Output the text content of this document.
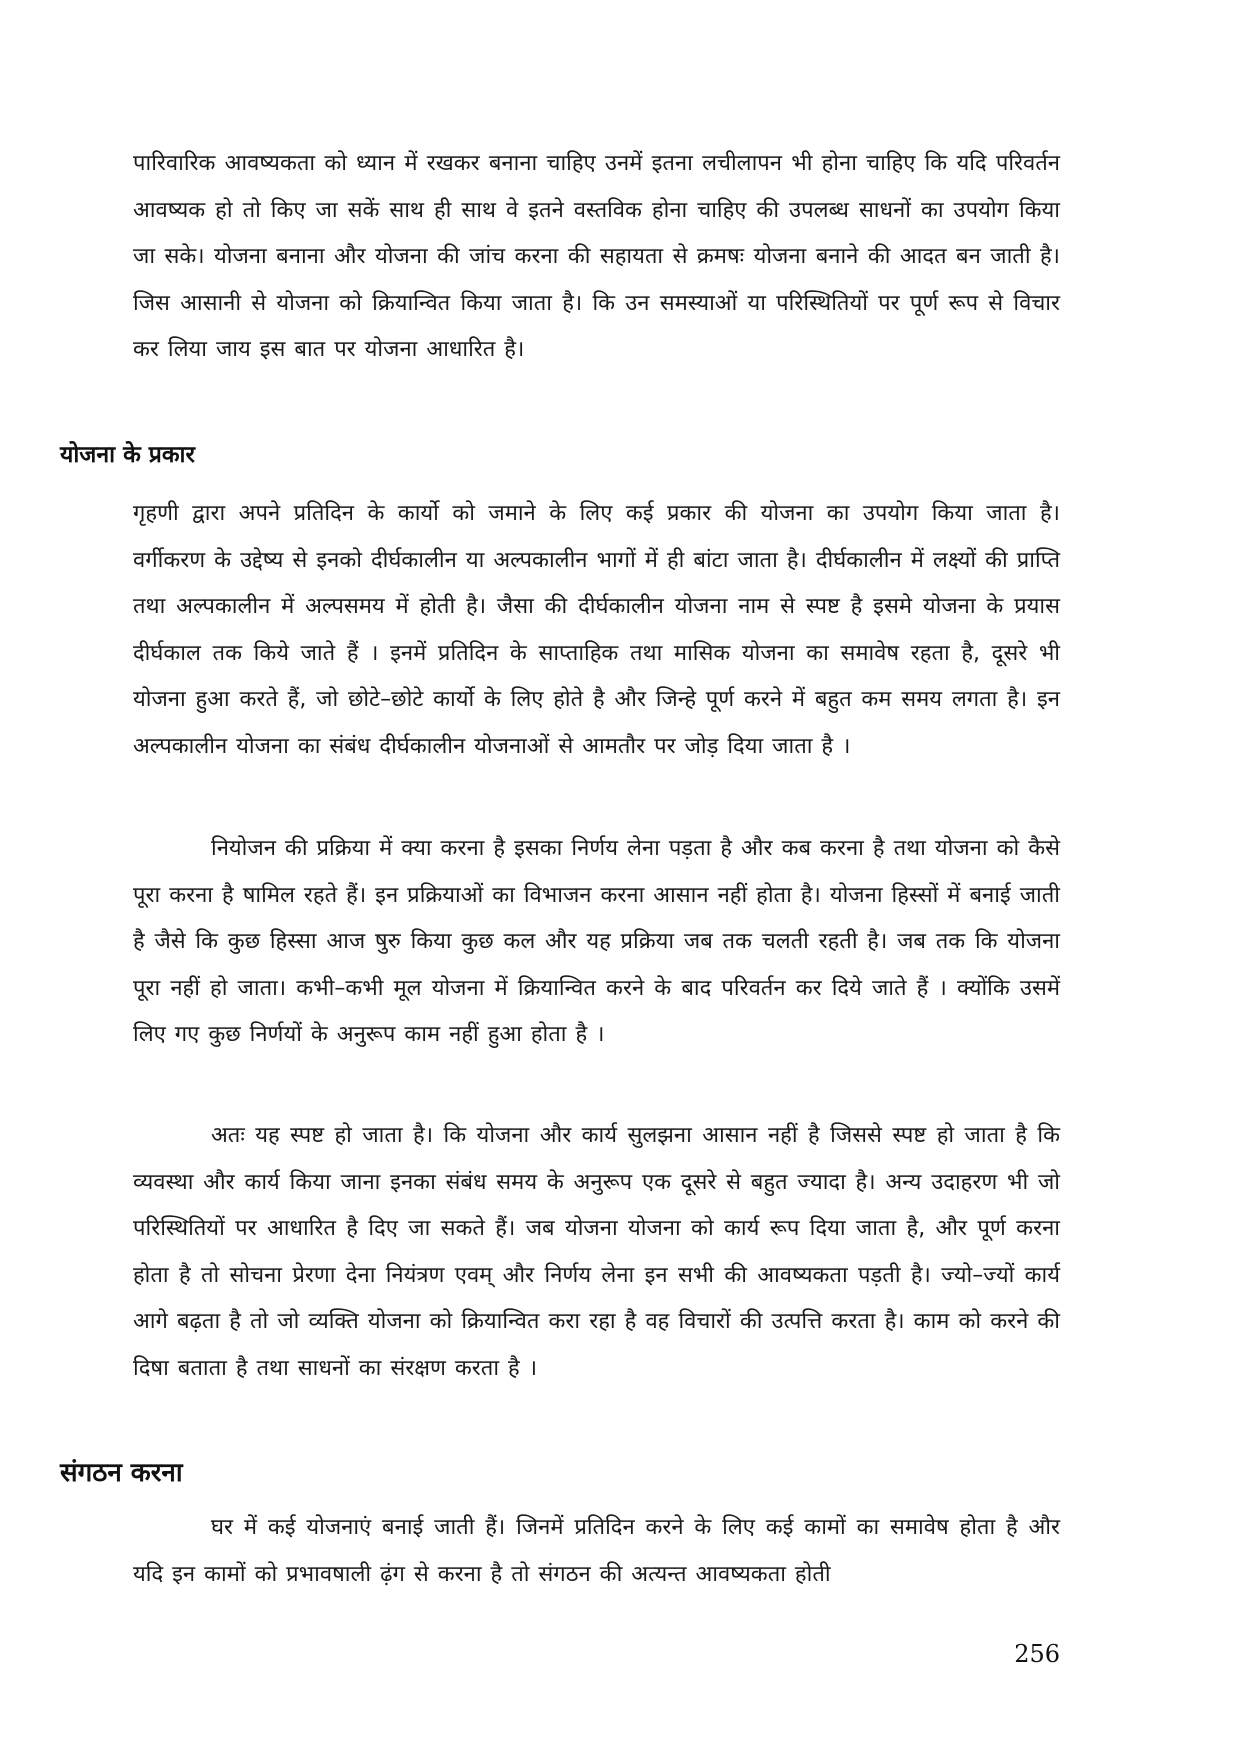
पारिवारिक आवष्यकता को ध्यान में रखकर बनाना चाहिए उनमें इतना लचीलापन भी होना चाहिए कि यदि परिवर्तन आवष्यक हो तो किए जा सकें साथ ही साथ वे इतने वस्तविक होना चाहिए की उपलब्ध साधनों का उपयोग किया जा सके। योजना बनाना और योजना की जांच करना की सहायता से क्रमषः योजना बनाने की आदत बन जाती है। जिस आसानी से योजना को क्रियान्वित किया जाता है। कि उन समस्याओं या परिस्थितियों पर पूर्ण रूप से विचार कर लिया जाय इस बात पर योजना आधारित है।

योजना के प्रकार

गृहणी द्वारा अपने प्रतिदिन के कार्यो को जमाने के लिए कई प्रकार की योजना का उपयोग किया जाता है। वर्गीकरण के उद्देष्य से इनको दीर्घकालीन या अल्पकालीन भागों में ही बांटा जाता है। दीर्घकालीन में लक्ष्यों की प्राप्ति तथा अल्पकालीन में अल्पसमय में होती है। जैसा की दीर्घकालीन योजना नाम से स्पष्ट है इसमे योजना के प्रयास दीर्घकाल तक किये जाते हैं । इनमें प्रतिदिन के साप्ताहिक तथा मासिक योजना का समावेष रहता है, दूसरे भी योजना हुआ करते हैं, जो छोटे–छोटे कार्यो के लिए होते है और जिन्हे पूर्ण करने में बहुत कम समय लगता है। इन अल्पकालीन योजना का संबंध दीर्घकालीन योजनाओं से आमतौर पर जोड़ दिया जाता है ।

नियोजन की प्रक्रिया में क्या करना है इसका निर्णय लेना पड़ता है और कब करना है तथा योजना को कैसे पूरा करना है षामिल रहते हैं। इन प्रक्रियाओं का विभाजन करना आसान नहीं होता है। योजना हिस्सों में बनाई जाती है जैसे कि कुछ हिस्सा आज षुरु किया कुछ कल और यह प्रक्रिया जब तक चलती रहती है। जब तक कि योजना पूरा नहीं हो जाता। कभी–कभी मूल योजना में क्रियान्वित करने के बाद परिवर्तन कर दिये जाते हैं । क्योंकि उसमें लिए गए कुछ निर्णयों के अनुरूप काम नहीं हुआ होता है ।

अतः यह स्पष्ट हो जाता है। कि योजना और कार्य सुलझना आसान नहीं है जिससे स्पष्ट हो जाता है कि व्यवस्था और कार्य किया जाना इनका संबंध समय के अनुरूप एक दूसरे से बहुत ज्यादा है। अन्य उदाहरण भी जो परिस्थितियों पर आधारित है दिए जा सकते हैं। जब योजना योजना को कार्य रूप दिया जाता है, और पूर्ण करना होता है तो सोचना प्रेरणा देना नियंत्रण एवम् और निर्णय लेना इन सभी की आवष्यकता पड़ती है। ज्यो–ज्यों कार्य आगे बढ़ता है तो जो व्यक्ति योजना को क्रियान्वित करा रहा है वह विचारों की उत्पत्ति करता है। काम को करने की दिषा बताता है तथा साधनों का संरक्षण करता है ।

संगठन करना

घर में कई योजनाएं बनाई जाती हैं। जिनमें प्रतिदिन करने के लिए कई कामों का समावेष होता है और यदि इन कामों को प्रभावषाली ढ़ंग से करना है तो संगठन की अत्यन्त आवष्यकता होती

256
